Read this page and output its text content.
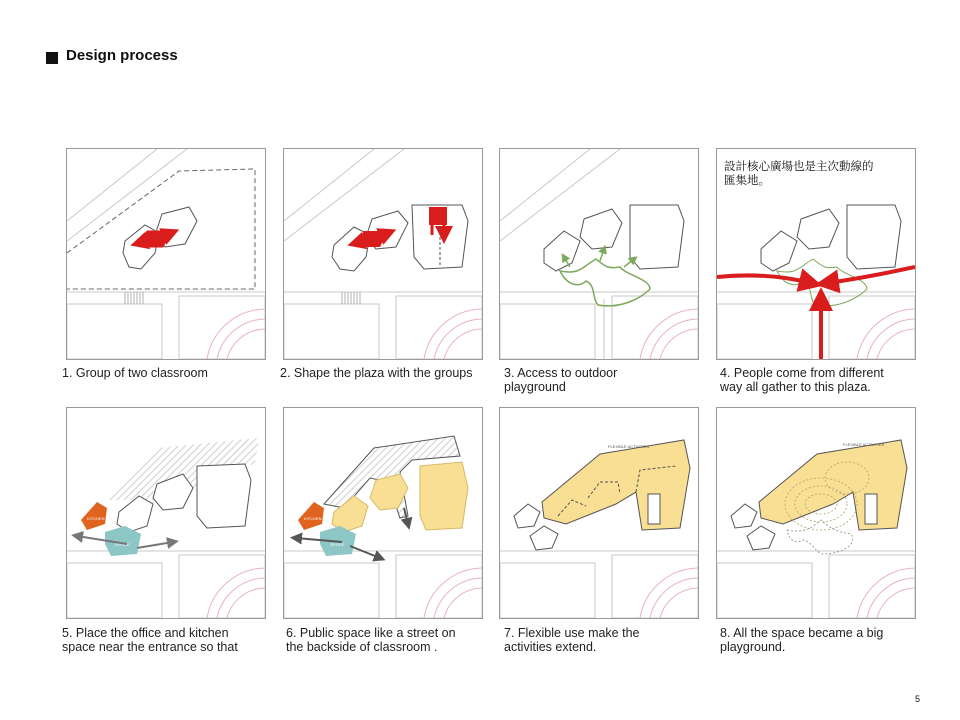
Design process
1. Group of two classroom	2. Shape the plaza with the groups	3. Access to outdoor
playground
設計核心廣場也是主次動線的
匯集地。
4. People come from different
way all gather to this plaza.
KITCHEN
OFFICE
5. Place the office and kitchen
space near the entrance so that
KITCHEN
OFFICE
6. Public space like a street on
the backside of classroom .
FLEXIBLE ACTIVITIES
7. Flexible use make the
activities extend.
FLEXIBLE ACTIVITIES
8. All the space became a big
playground.
5
